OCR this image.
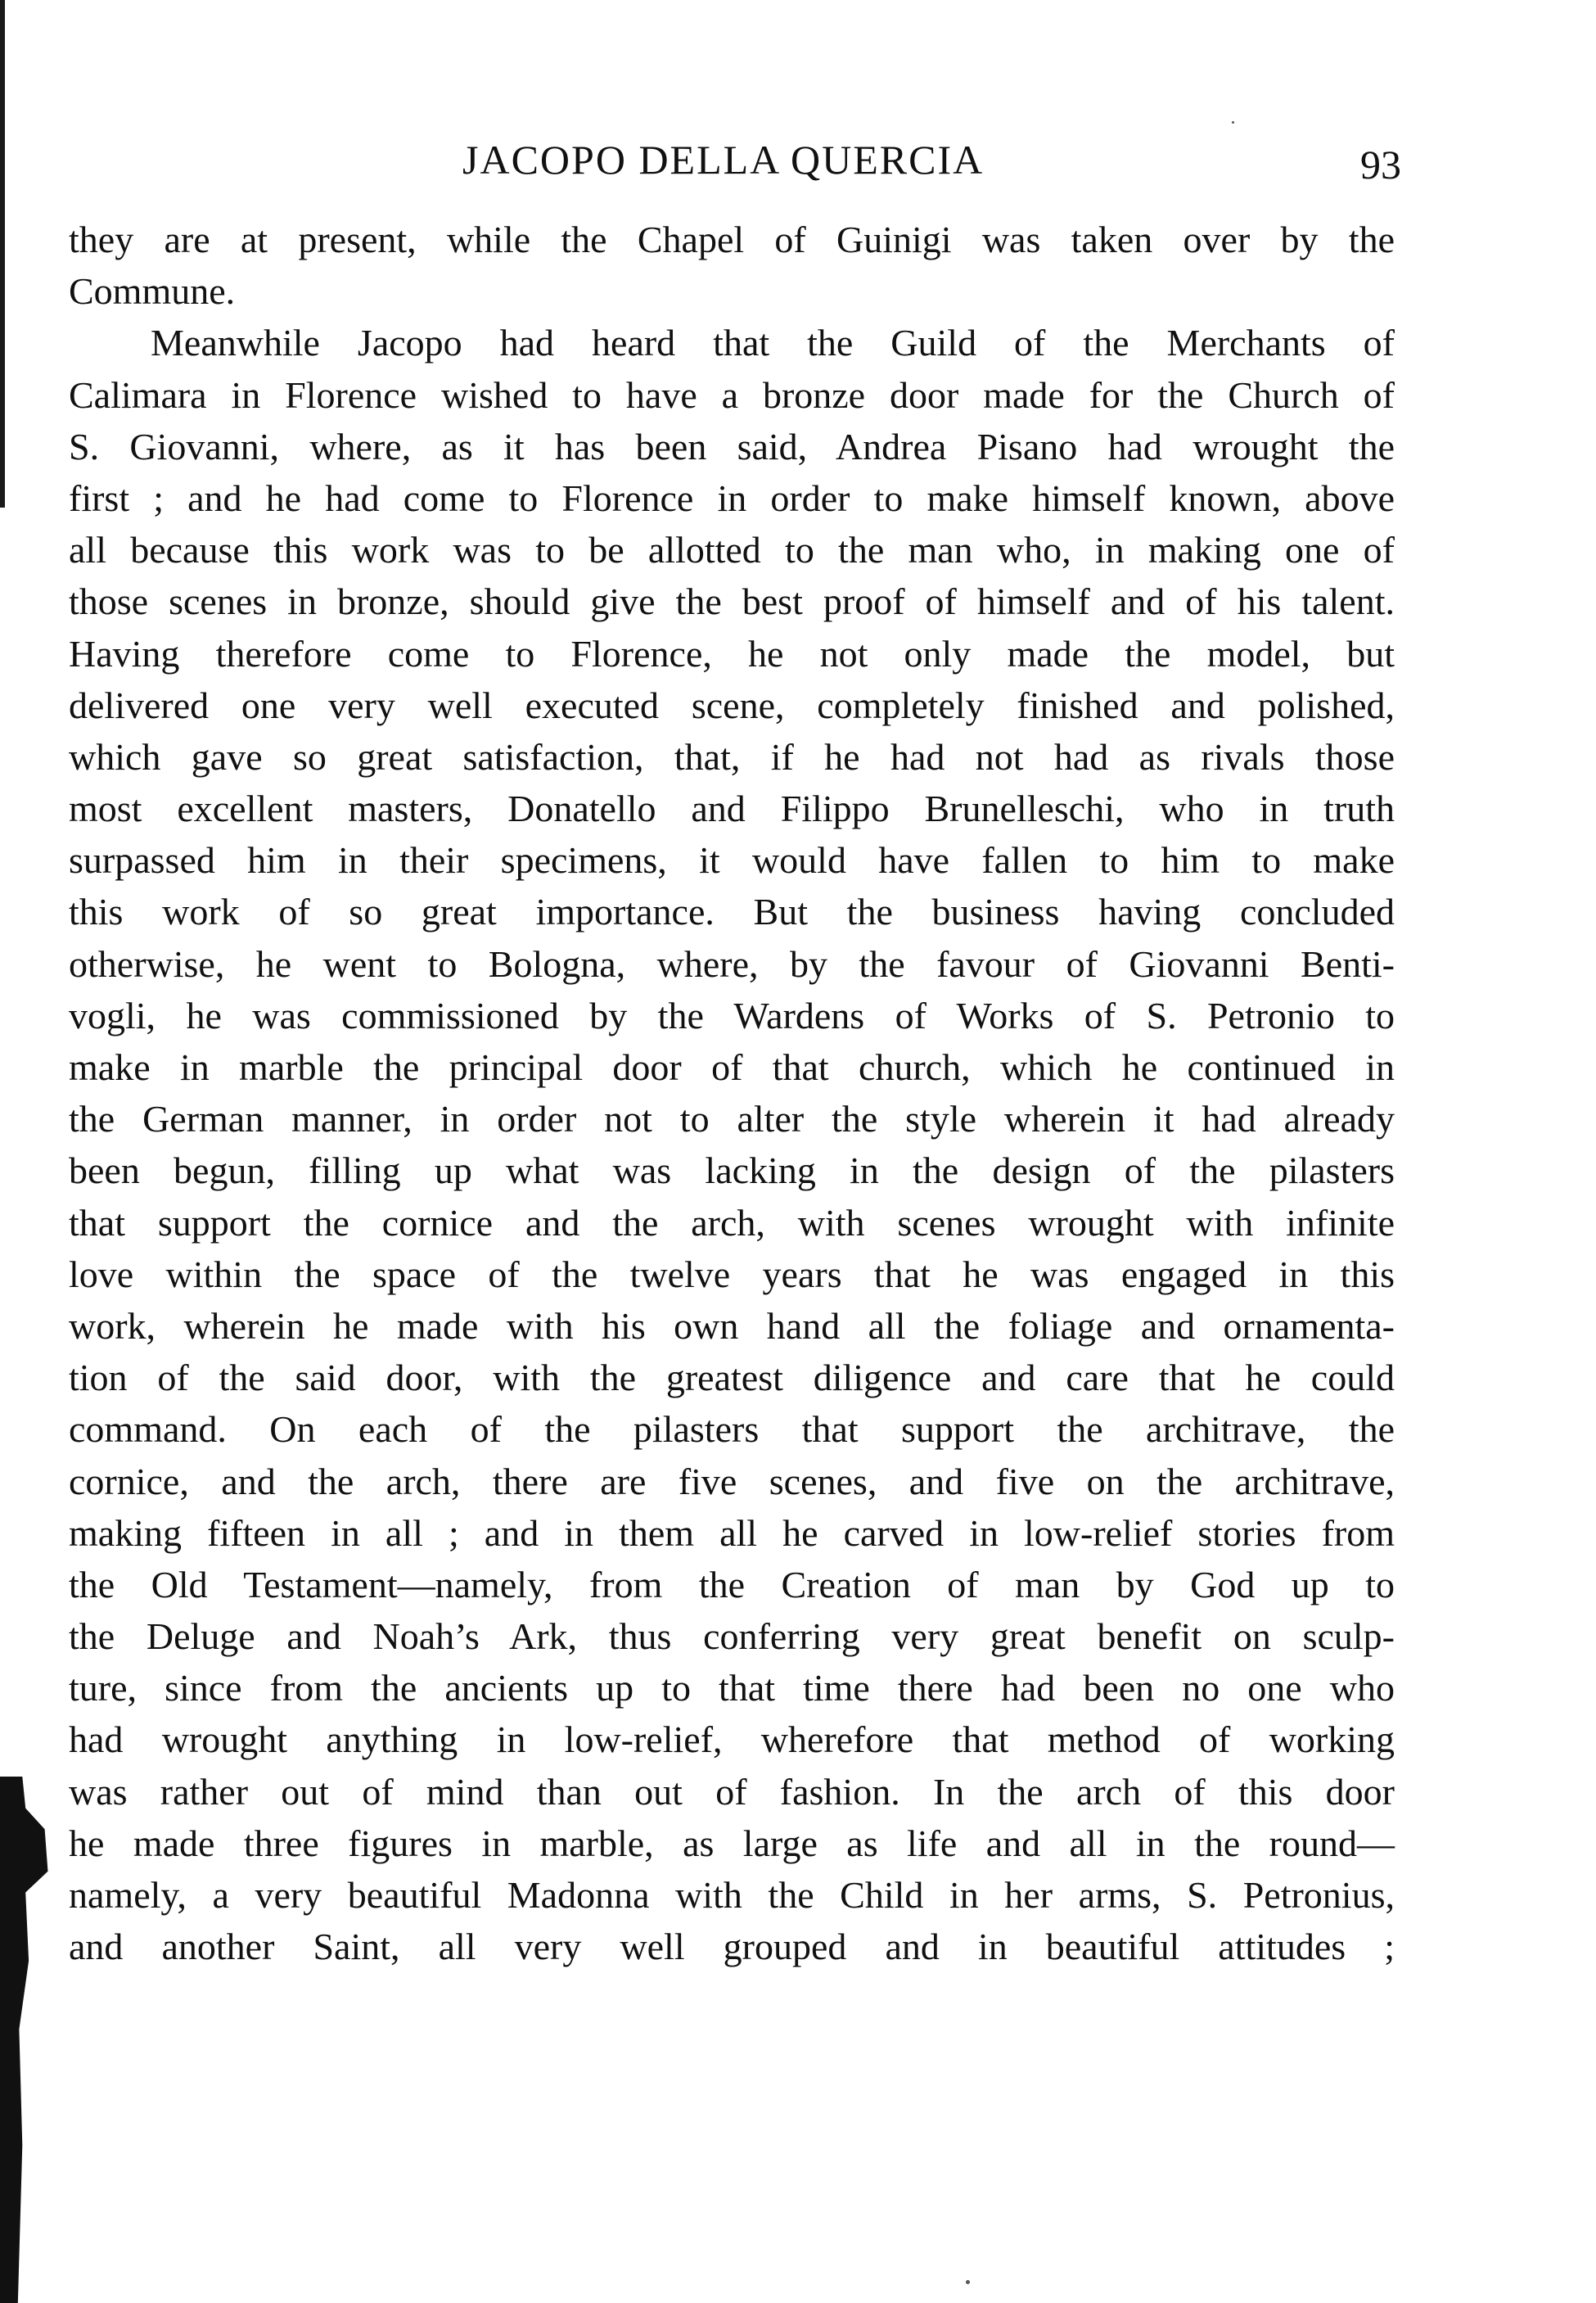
JACOPO DELLA QUERCIA	93
they are at present, while the Chapel of Guinigi was taken over by the
Commune.
Meanwhile Jacopo had heard that the Guild of the Merchants of
Calimara in Florence wished to have a bronze door made for the Church of
S. Giovanni, where, as it has been said, Andrea Pisano had wrought the
first ; and he had come to Florence in order to make himself known, above
all because this work was to be allotted to the man who, in making one of
those scenes in bronze, should give the best proof of himself and of his talent.
Having therefore come to Florence, he not only made the model, but
delivered one very well executed scene, completely finished and polished,
which gave so great satisfaction, that, if he had not had as rivals those
most excellent masters, Donatello and Filippo Brunelleschi, who in truth
surpassed him in their specimens, it would have fallen to him to make
this work of so great importance. But the business having concluded
otherwise, he went to Bologna, where, by the favour of Giovanni Benti-
vogli, he was commissioned by the Wardens of Works of S. Petronio to
make in marble the principal door of that church, which he continued in
the German manner, in order not to alter the style wherein it had already
been begun, filling up what was lacking in the design of the pilasters
that support the cornice and the arch, with scenes wrought with infinite
love within the space of the twelve years that he was engaged in this
work, wherein he made with his own hand all the foliage and ornamenta-
tion of the said door, with the greatest diligence and care that he could
command. On each of the pilasters that support the architrave, the
cornice, and the arch, there are five scenes, and five on the architrave,
making fifteen in all ; and in them all he carved in low-relief stories from
the Old Testament—namely, from the Creation of man by God up to
the Deluge and Noah’s Ark, thus conferring very great benefit on sculp-
ture, since from the ancients up to that time there had been no one who
had wrought anything in low-relief, wherefore that method of working
was rather out of mind than out of fashion. In the arch of this door
he made three figures in marble, as large as life and all in the round—
namely, a very beautiful Madonna with the Child in her arms, S. Petronius,
and another Saint, all very well grouped and in beautiful attitudes ;
